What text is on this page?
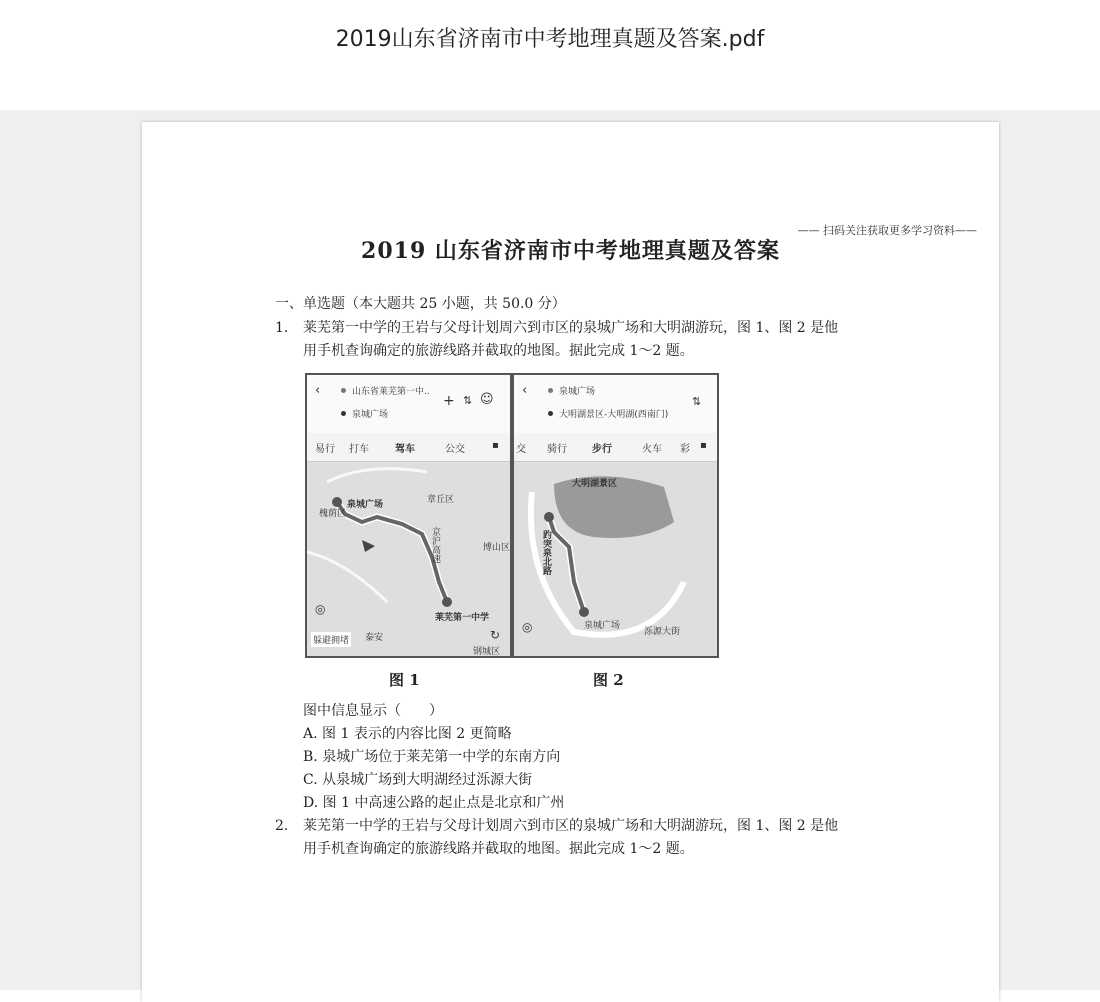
2019山东省济南市中考地理真题及答案.pdf
—— 扫码关注获取更多学习资料——
2019 山东省济南市中考地理真题及答案
一、单选题（本大题共 25 小题，共 50.0 分）
1. 莱芜第一中学的王岩与父母计划周六到市区的泉城广场和大明湖游玩，图 1、图 2 是他
用手机查询确定的旅游线路并截取的地图。据此完成 1～2 题。
‹	山东省莱芜第一中..
泉城广场
+ ⇅ ☺
易行 打车	驾车	公交	▪
泉城广场
莱芜第一中学
泰安
钢城区
章丘区
博山区
槐荫区
京沪高速
躲避拥堵	↻
◎
‹	泉城广场
大明湖景区-大明湖(西南门)
⇅
交 骑行	步行	火车 彩 ▪
大明湖景区
泉城广场
泺源大街
趵突泉北路
◎
图 1	图 2
图中信息显示（　　）
A. 图 1 表示的内容比图 2 更简略
B. 泉城广场位于莱芜第一中学的东南方向
C. 从泉城广场到大明湖经过泺源大街
D. 图 1 中高速公路的起止点是北京和广州
2. 莱芜第一中学的王岩与父母计划周六到市区的泉城广场和大明湖游玩，图 1、图 2 是他
用手机查询确定的旅游线路并截取的地图。据此完成 1～2 题。
